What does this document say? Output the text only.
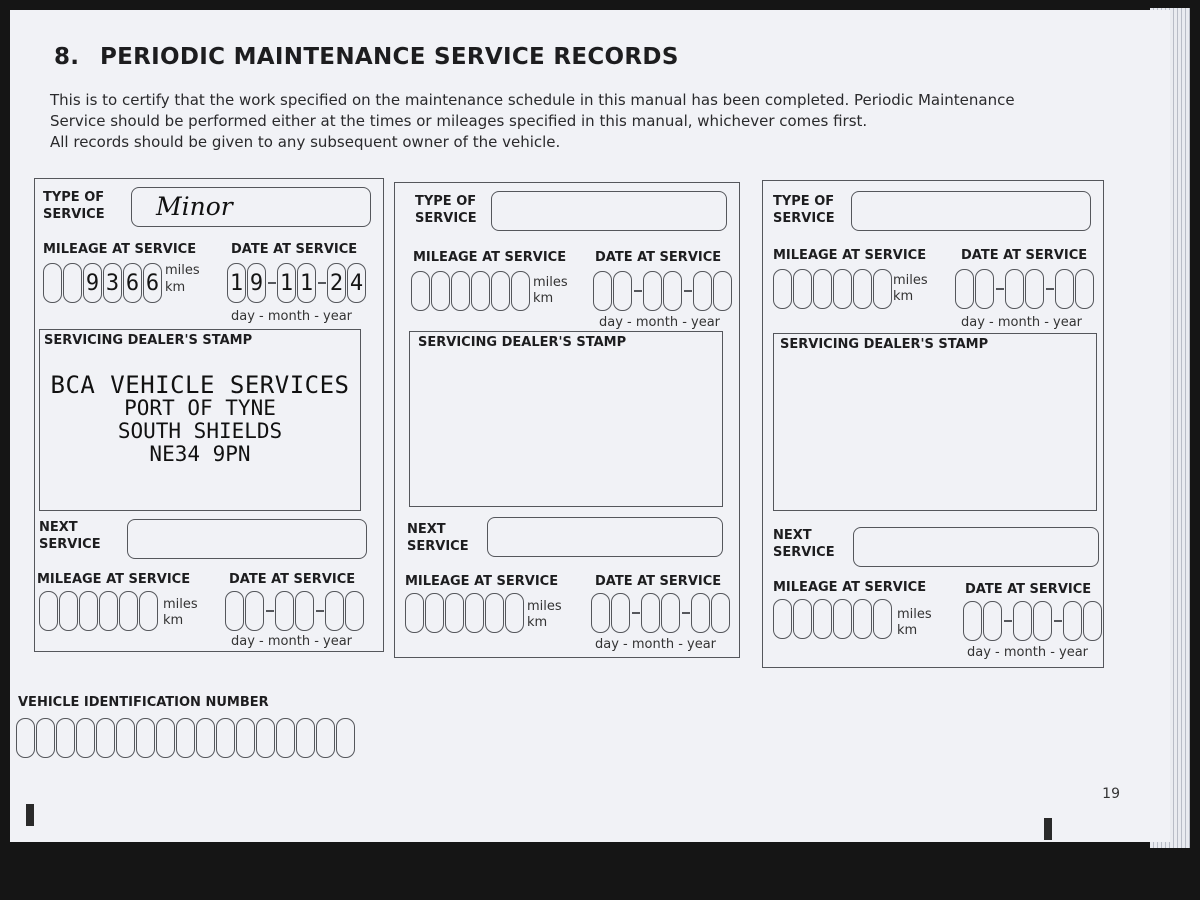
8. PERIODIC MAINTENANCE SERVICE RECORDS

This is to certify that the work specified on the maintenance schedule in this manual has been completed. Periodic Maintenance

Service should be performed either at the times or mileages specified in this manual, whichever comes first.

All records should be given to any subsequent owner of the vehicle.

TYPE OF
SERVICE Minor
MILEAGE AT SERVICE	DATE AT SERVICE
9 3 6 6 miles
km 1 9 1 1 2 4
day - month - year
SERVICING DEALER'S STAMP
BCA VEHICLE SERVICES
PORT OF TYNE
SOUTH SHIELDS
NE34 9PN
NEXT
SERVICE
MILEAGE AT SERVICE	DATE AT SERVICE
miles
km
day - month - year
TYPE OF
SERVICE
MILEAGE AT SERVICE DATE AT SERVICE
miles
km
day - month - year
SERVICING DEALER'S STAMP
NEXT
SERVICE
MILEAGE AT SERVICE	DATE AT SERVICE
miles
km
day - month - year
TYPE OF
SERVICE
MILEAGE AT SERVICE	DATE AT SERVICE
miles
km
day - month - year
SERVICING DEALER'S STAMP
NEXT
SERVICE
MILEAGE AT SERVICE	DATE AT SERVICE
miles
km
day - month - year
VEHICLE IDENTIFICATION NUMBER
19
